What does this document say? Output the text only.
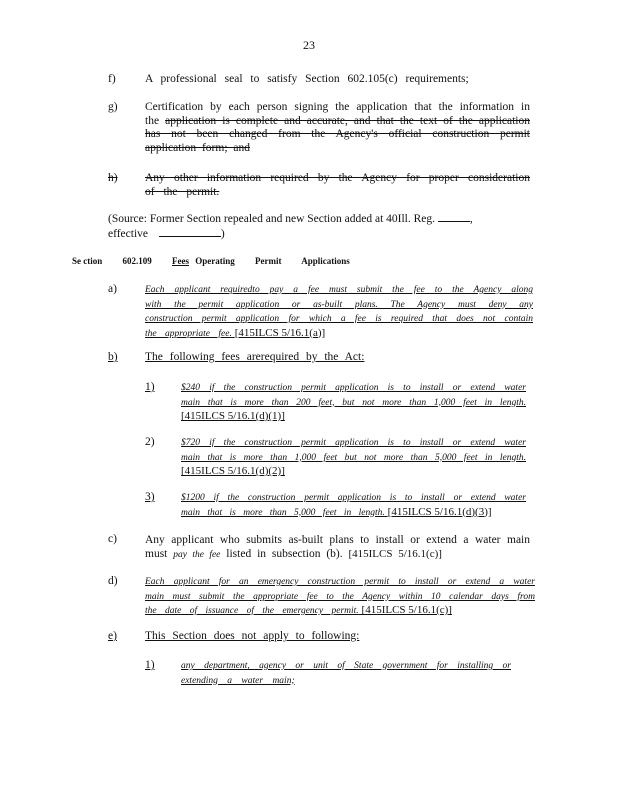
23
f)	A professional seal to satisfy Section 602.105(c) requirements;
g) Certification by each person signing the application that the information in the application is complete and accurate, and that the text of the application has not been changed from the Agency's official construction permit application form; and
h) Any other information required by the Agency for proper consideration of the permit.
(Source: Former Section repealed and new Section added at 40Ill. Reg.	,
effective	)
Se ction 602.109 Fees Operating Permit Applications
a)	Each applicant requiredto pay a fee must submit the fee to the Agency along with the permit application or as-built plans. The Agency must deny any construction permit application for which a fee is required that does not contain the appropriate fee. [415ILCS 5/16.1(a)]
b) The following fees arerequired by the Act:
1)	$240 if the construction permit application is to install or extend water main that is more than 200 feet, but not more than 1,000 feet in length. [415ILCS 5/16.1(d)(1)]
2)	$720 if the construction permit application is to install or extend water main that is more than 1,000 feet but not more than 5,000 feet in length. [415ILCS 5/16.1(d)(2)]
3)	$1200 if the construction permit application is to install or extend water main that is more than 5,000 feet in length. [415ILCS 5/16.1(d)(3)]
c) Any applicant who submits as-built plans to install or extend a water main must pay the fee listed in subsection (b). [415ILCS 5/16.1(c)]
d)	Each applicant for an emergency construction permit to install or extend a water main must submit the appropriate fee to the Agency within 10 calendar days from the date of issuance of the emergency permit. [415ILCS 5/16.1(c)]
e) This Section does not apply to following:
1)	any department, agency or unit of State government for installing or extending a water main;
